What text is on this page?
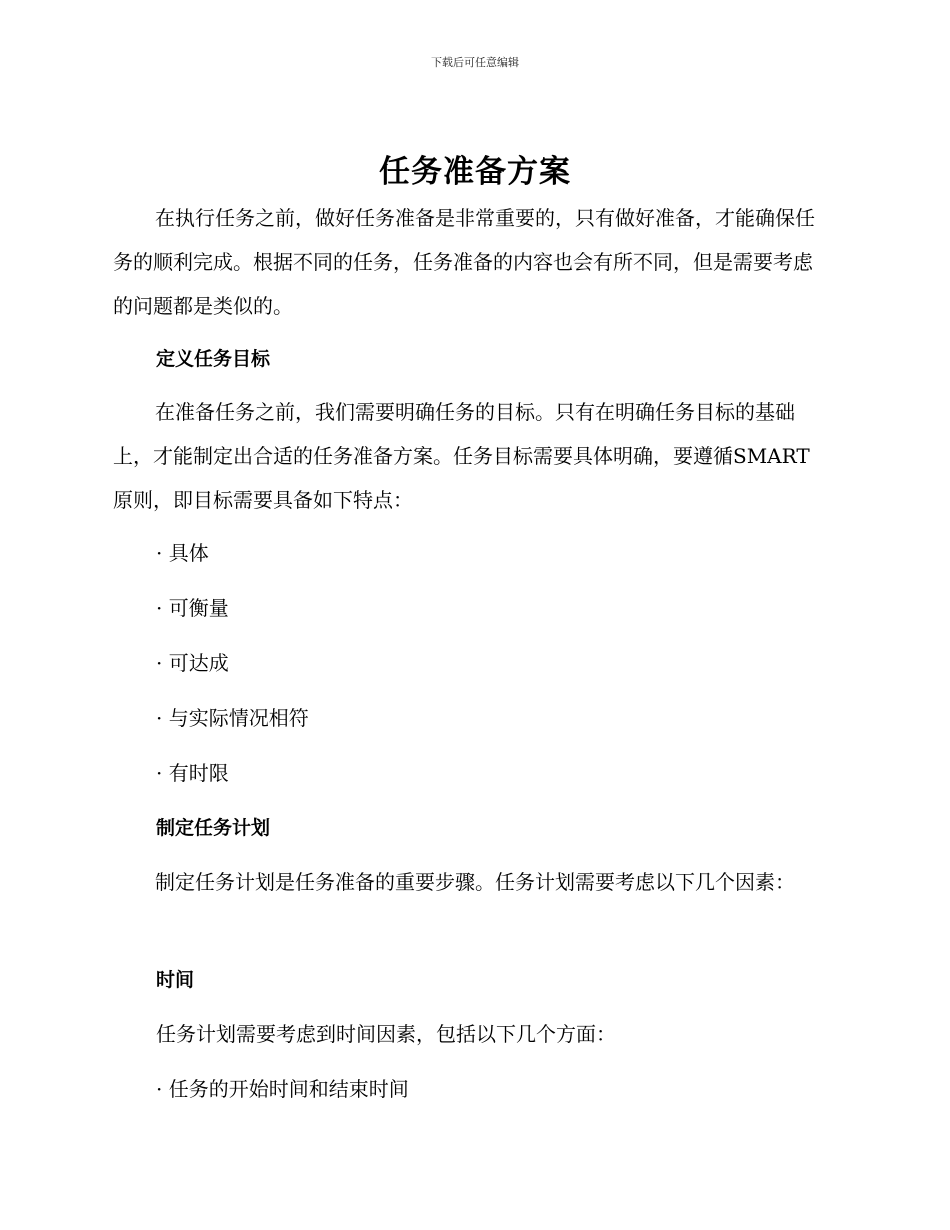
下载后可任意编辑
任务准备方案

在执行任务之前，做好任务准备是非常重要的，只有做好准备，才能确保任务的顺利完成。根据不同的任务，任务准备的内容也会有所不同，但是需要考虑的问题都是类似的。

定义任务目标

在准备任务之前，我们需要明确任务的目标。只有在明确任务目标的基础上，才能制定出合适的任务准备方案。任务目标需要具体明确，要遵循SMART 原则，即目标需要具备如下特点：

· 具体

· 可衡量

· 可达成

· 与实际情况相符

· 有时限

制定任务计划

制定任务计划是任务准备的重要步骤。任务计划需要考虑以下几个因素：

时间

任务计划需要考虑到时间因素，包括以下几个方面：

· 任务的开始时间和结束时间
